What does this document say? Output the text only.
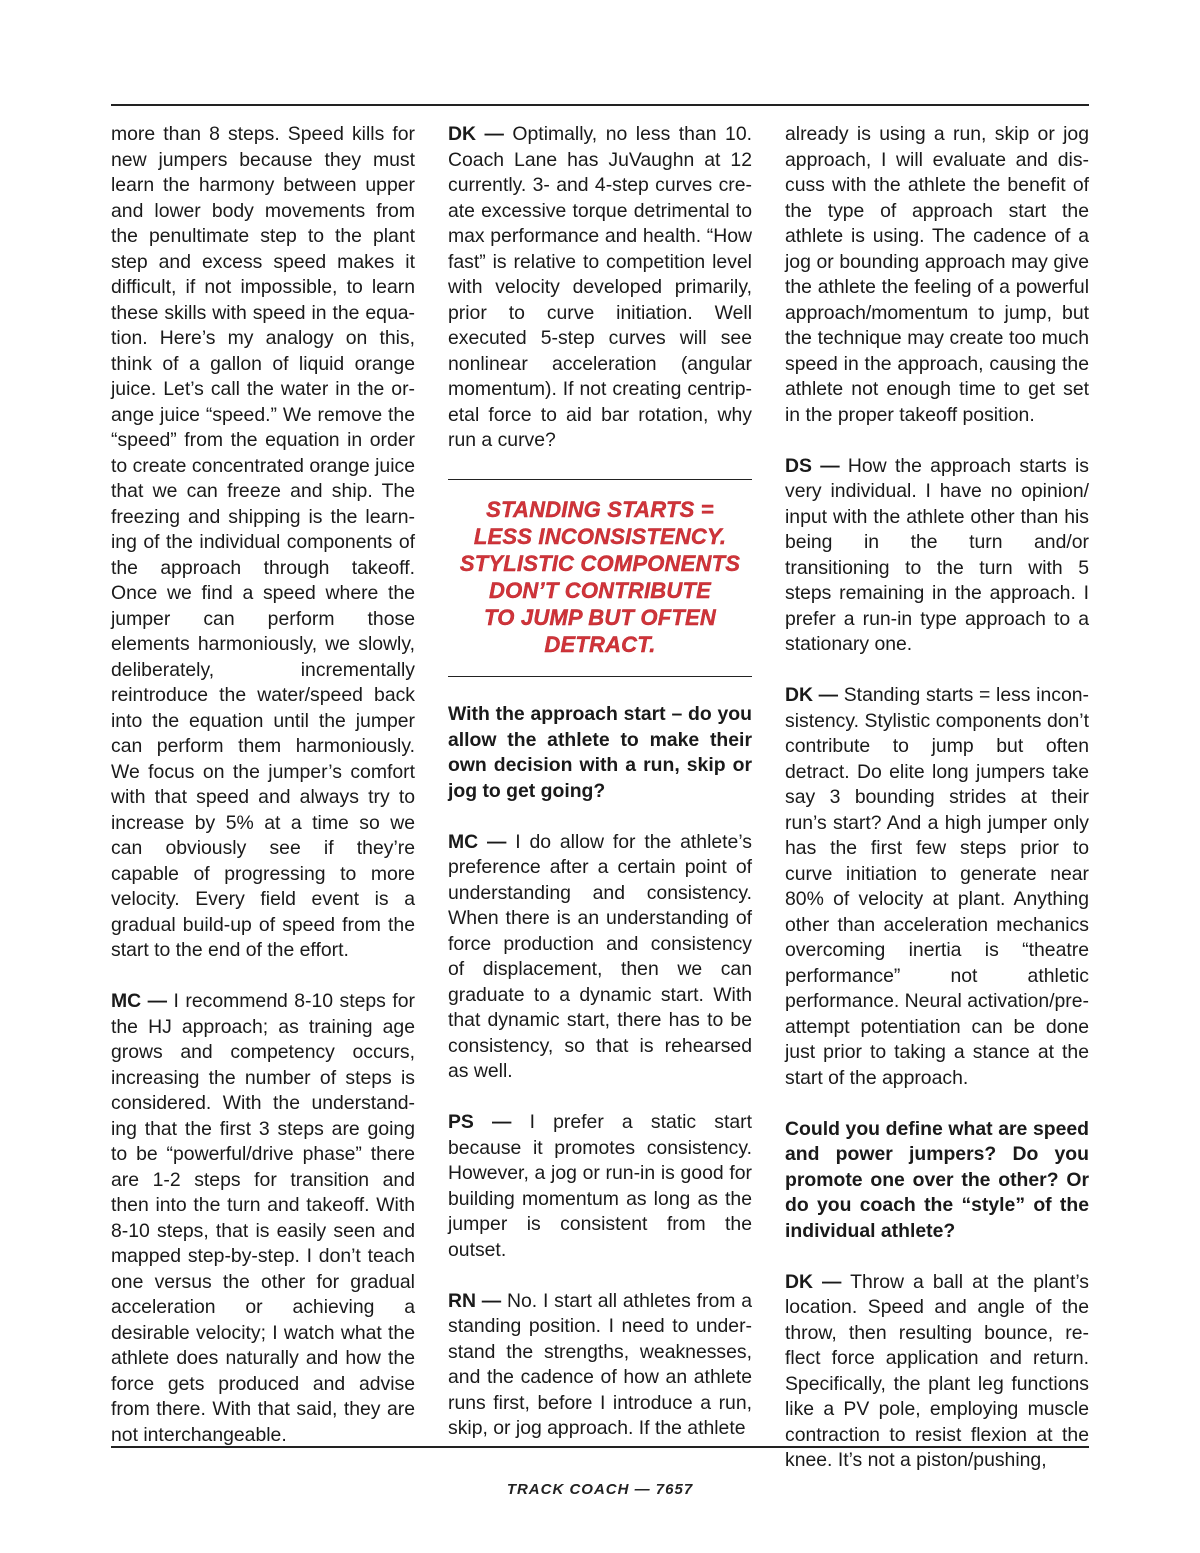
more than 8 steps. Speed kills for new jumpers because they must learn the harmony between upper and lower body movements from the penultimate step to the plant step and excess speed makes it difficult, if not impossible, to learn these skills with speed in the equation. Here’s my analogy on this, think of a gallon of liquid orange juice. Let’s call the water in the orange juice “speed.” We remove the “speed” from the equation in order to create concentrated orange juice that we can freeze and ship. The freezing and shipping is the learning of the individual components of the approach through takeoff. Once we find a speed where the jumper can perform those elements harmoniously, we slowly, deliberately, incrementally reintroduce the water/speed back into the equation until the jumper can perform them harmoniously. We focus on the jumper’s comfort with that speed and always try to increase by 5% at a time so we can obviously see if they’re capable of progressing to more velocity. Every field event is a gradual build-up of speed from the start to the end of the effort.

MC — I recommend 8-10 steps for the HJ approach; as training age grows and competency occurs, increasing the number of steps is considered. With the understanding that the first 3 steps are going to be “powerful/drive phase” there are 1-2 steps for transition and then into the turn and takeoff. With 8-10 steps, that is easily seen and mapped step-by-step. I don’t teach one versus the other for gradual acceleration or achieving a desirable velocity; I watch what the athlete does naturally and how the force gets produced and advise from there. With that said, they are not interchangeable.

DK — Optimally, no less than 10. Coach Lane has JuVaughn at 12 currently. 3- and 4-step curves create excessive torque detrimental to max performance and health. “How fast” is relative to competition level with velocity developed primarily, prior to curve initiation. Well executed 5-step curves will see nonlinear acceleration (angular momentum). If not creating centripetal force to aid bar rotation, why run a curve?

STANDING STARTS =
LESS INCONSISTENCY.
STYLISTIC COMPONENTS
DON’T CONTRIBUTE
TO JUMP BUT OFTEN
DETRACT.

With the approach start – do you allow the athlete to make their own decision with a run, skip or jog to get going?

MC — I do allow for the athlete’s preference after a certain point of understanding and consistency. When there is an understanding of force production and consistency of displacement, then we can graduate to a dynamic start. With that dynamic start, there has to be consistency, so that is rehearsed as well.

PS — I prefer a static start because it promotes consistency. However, a jog or run-in is good for building momentum as long as the jumper is consistent from the outset.

RN — No. I start all athletes from a standing position. I need to understand the strengths, weaknesses, and the cadence of how an athlete runs first, before I introduce a run, skip, or jog approach. If the athlete

already is using a run, skip or jog approach, I will evaluate and discuss with the athlete the benefit of the type of approach start the athlete is using. The cadence of a jog or bounding approach may give the athlete the feeling of a powerful approach/momentum to jump, but the technique may create too much speed in the approach, causing the athlete not enough time to get set in the proper takeoff position.

DS — How the approach starts is very individual. I have no opinion/ input with the athlete other than his being in the turn and/or transitioning to the turn with 5 steps remaining in the approach. I prefer a run-in type approach to a stationary one.

DK — Standing starts = less inconsistency. Stylistic components don’t contribute to jump but often detract. Do elite long jumpers take say 3 bounding strides at their run’s start? And a high jumper only has the first few steps prior to curve initiation to generate near 80% of velocity at plant. Anything other than acceleration mechanics overcoming inertia is “theatre performance” not athletic performance. Neural activation/pre-attempt potentiation can be done just prior to taking a stance at the start of the approach.

Could you define what are speed and power jumpers? Do you promote one over the other? Or do you coach the “style” of the individual athlete?

DK — Throw a ball at the plant’s location. Speed and angle of the throw, then resulting bounce, reflect force application and return. Specifically, the plant leg functions like a PV pole, employing muscle contraction to resist flexion at the knee. It’s not a piston/pushing,

TRACK COACH — 7657
